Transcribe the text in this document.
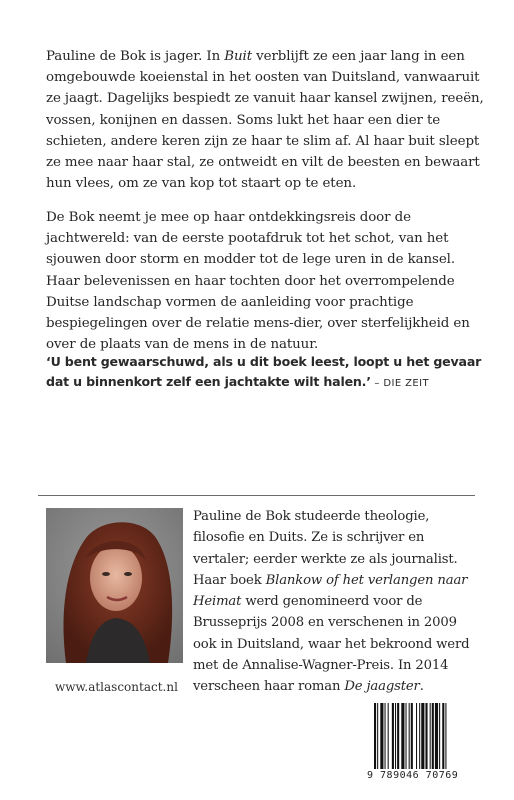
Pauline de Bok is jager. In Buit verblijft ze een jaar lang in een omgebouwde koeienstal in het oosten van Duitsland, vanwaaruit ze jaagt. Dagelijks bespiedt ze vanuit haar kansel zwijnen, reeën, vossen, konijnen en dassen. Soms lukt het haar een dier te schieten, andere keren zijn ze haar te slim af. Al haar buit sleept ze mee naar haar stal, ze ontweidt en vilt de beesten en bewaart hun vlees, om ze van kop tot staart op te eten.

De Bok neemt je mee op haar ontdekkingsreis door de jachtwereld: van de eerste pootafdruk tot het schot, van het sjouwen door storm en modder tot de lege uren in de kansel. Haar belevenissen en haar tochten door het overrompelende Duitse landschap vormen de aanleiding voor prachtige bespiegelingen over de relatie mens-dier, over sterfelijkheid en over de plaats van de mens in de natuur.

‘U bent gewaarschuwd, als u dit boek leest, loopt u het gevaar dat u binnenkort zelf een jachtakte wilt halen.’ – DIE ZEIT

Pauline de Bok studeerde theologie, filosofie en Duits. Ze is schrijver en vertaler; eerder werkte ze als journalist. Haar boek Blankow of het verlangen naar Heimat werd genomineerd voor de Brusseprijs 2008 en verschenen in 2009 ook in Duitsland, waar het bekroond werd met de Annalise-Wagner-Preis. In 2014 verscheen haar roman De jaagster.

www.atlascontact.nl

9 789046 70769
